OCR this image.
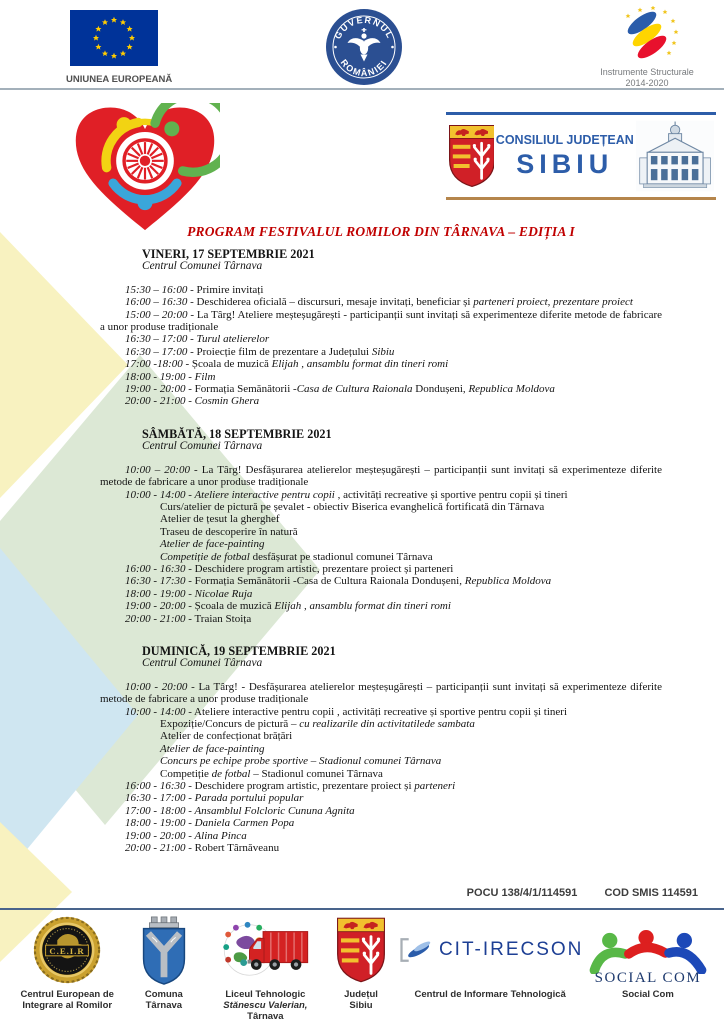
UNIUNEA EUROPEANĂ
GUVERNUL
ROMÂNIEI
Instrumente Structurale
2014-2020
CONSILIUL JUDEȚEAN
SIBIU
PROGRAM FESTIVALUL ROMILOR DIN TÂRNAVA – EDIȚIA I
VINERI, 17 SEPTEMBRIE 2021
Centrul Comunei Târnava
15:30 – 16:00 - Primire invitați
16:00 – 16:30 - Deschiderea oficială – discursuri, mesaje invitați, beneficiar și parteneri proiect, prezentare proiect
15:00 – 20:00 - La Târg! Ateliere meșteșugărești - participanții sunt invitați să experimenteze diferite metode de fabricare a unor produse tradiționale
16:30 – 17:00 - Turul atelierelor
16:30 – 17:00 - Proiecție film de prezentare a Județului Sibiu
17:00 -18:00 - Școala de muzică Elijah , ansamblu format din tineri romi
18:00 - 19:00 - Film
19:00 - 20:00 - Formația Semănătorii -Casa de Cultura Raionala Dondușeni, Republica Moldova
20:00 - 21:00 - Cosmin Ghera
SÂMBĂTĂ, 18 SEPTEMBRIE 2021
Centrul Comunei Târnava
10:00 – 20:00 - La Târg! Desfășurarea atelierelor meșteșugărești – participanții sunt invitați să experimenteze diferite metode de fabricare a unor produse tradiționale
10:00 - 14:00 - Ateliere interactive pentru copii , activități recreative și sportive pentru copii și tineri
Curs/atelier de pictură pe șevalet - obiectiv Biserica evanghelică fortificată din Târnava
Atelier de țesut la gherghef
Traseu de descoperire în natură
Atelier de face-painting
Competiție de fotbal desfășurat pe stadionul comunei Târnava
16:00 - 16:30 - Deschidere program artistic, prezentare proiect și parteneri
16:30 - 17:30 - Formația Semănătorii -Casa de Cultura Raionala Dondușeni, Republica Moldova
18:00 - 19:00 - Nicolae Ruja
19:00 - 20:00 - Școala de muzică Elijah , ansamblu format din tineri romi
20:00 - 21:00 - Traian Stoița
DUMINICĂ, 19 SEPTEMBRIE 2021
Centrul Comunei Târnava
10:00 - 20:00 - La Târg! - Desfășurarea atelierelor meșteșugărești – participanții sunt invitați să experimenteze diferite metode de fabricare a unor produse tradiționale
10:00 - 14:00 - Ateliere interactive pentru copii , activități recreative și sportive pentru copii și tineri
Expoziție/Concurs de pictură – cu realizarile din activitatilede sambata
Atelier de confecționat brățări
Atelier de face-painting
Concurs pe echipe probe sportive – Stadionul comunei Târnava
Competiție de fotbal – Stadionul comunei Târnava
16:00 - 16:30 - Deschidere program artistic, prezentare proiect și parteneri
16:30 - 17:00 - Parada portului popular
17:00 - 18:00 - Ansamblul Folcloric Cununa Agnita
18:00 - 19:00 - Daniela Carmen Popa
19:00 - 20:00 - Alina Pinca
20:00 - 21:00 - Robert Târnăveanu
POCU 138/4/1/114591 COD SMIS 114591
C.E.I.R
Centrul European de
Integrare al Romilor
Comuna
Târnava
Liceul Tehnologic
Stănescu Valerian,
Târnava
Județul
Sibiu
CIT-IRECSON
Centrul de Informare Tehnologică
SOCIAL COM
Social Com
